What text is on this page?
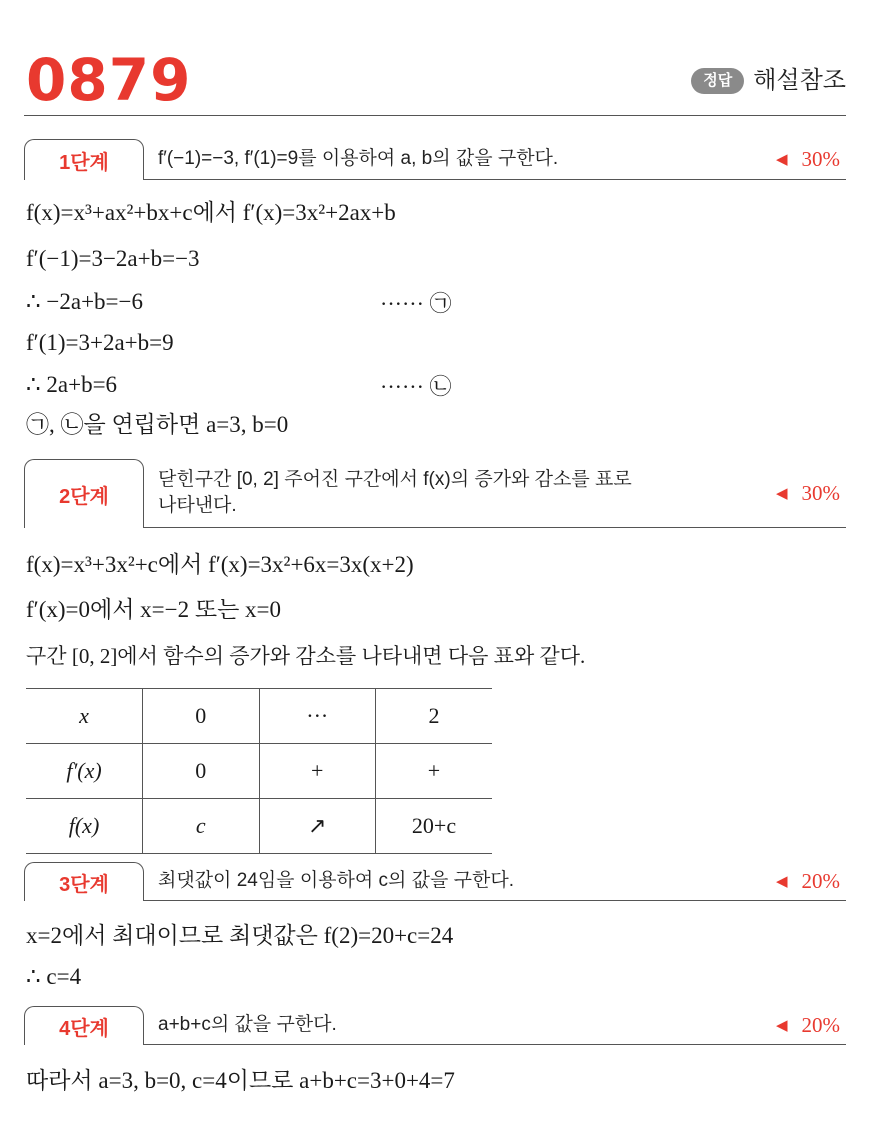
0879	정답 해설참조
1단계	f′(−1)=−3, f′(1)=9를 이용하여 a, b의 값을 구한다.	◀ 30%
f(x)=x³+ax²+bx+c에서 f′(x)=3x²+2ax+b
f′(−1)=3−2a+b=−3
∴ −2a+b=−6	······ ㉠
f′(1)=3+2a+b=9
∴ 2a+b=6	······ ㉡
㉠, ㉡을 연립하면 a=3, b=0
2단계
닫힌구간 [0, 2] 주어진 구간에서 f(x)의 증가와 감소를 표로
나타낸다.
◀ 30%
f(x)=x³+3x²+c에서 f′(x)=3x²+6x=3x(x+2)
f′(x)=0에서 x=−2 또는 x=0
구간 [0, 2]에서 함수의 증가와 감소를 나타내면 다음 표와 같다.
x	0	···	2
f′(x)	0	+	+
f(x)	c	↗	20+c
3단계	최댓값이 24임을 이용하여 c의 값을 구한다.	◀ 20%
x=2에서 최대이므로 최댓값은 f(2)=20+c=24
∴ c=4
4단계	a+b+c의 값을 구한다.	◀ 20%
따라서 a=3, b=0, c=4이므로 a+b+c=3+0+4=7
